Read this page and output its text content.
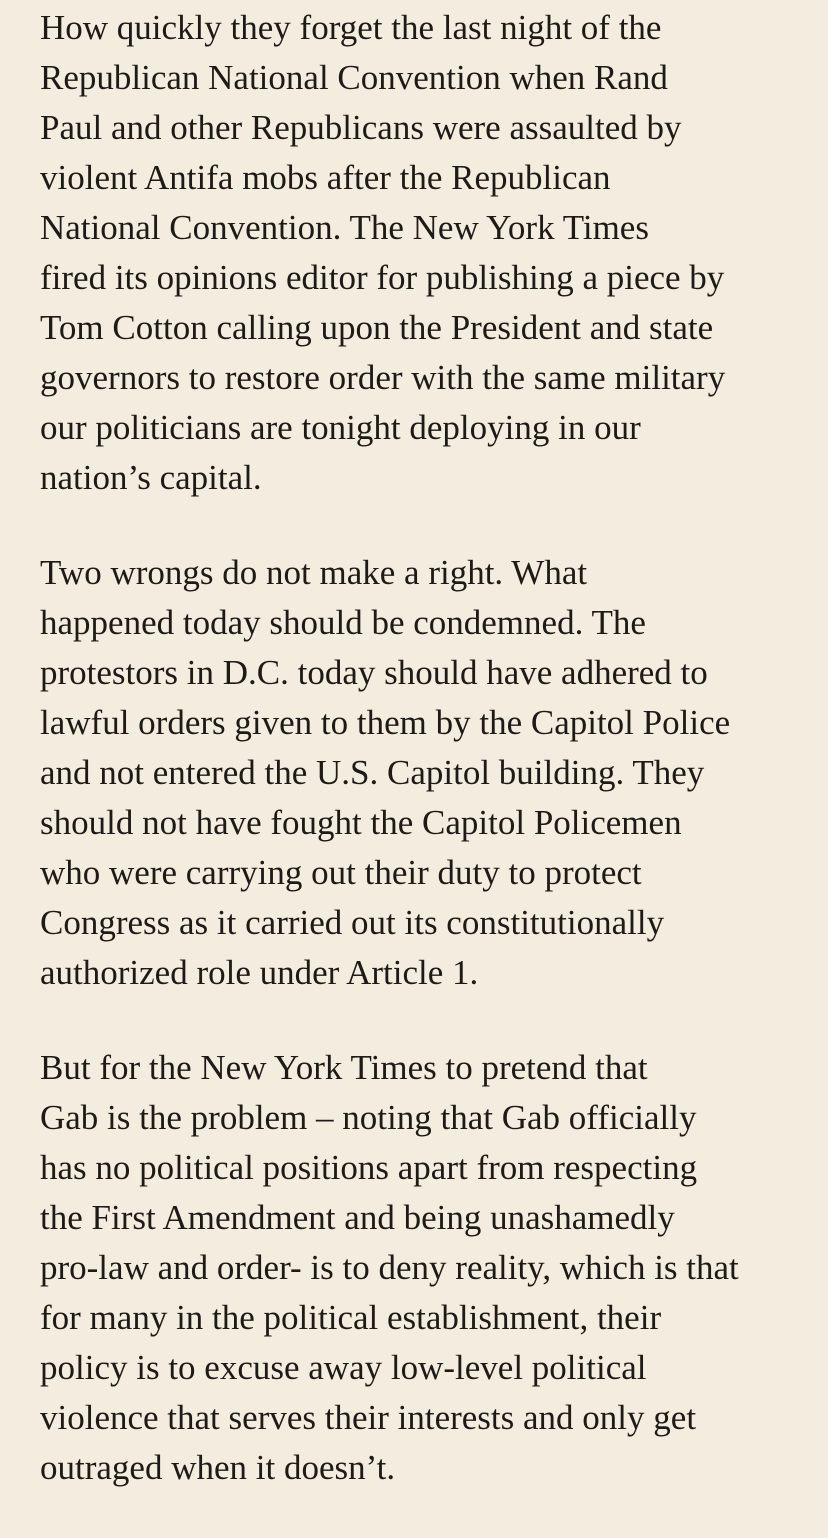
How quickly they forget the last night of the
Republican National Convention when Rand
Paul and other Republicans were assaulted by
violent Antifa mobs after the Republican
National Convention. The New York Times
fired its opinions editor for publishing a piece by
Tom Cotton calling upon the President and state
governors to restore order with the same military
our politicians are tonight deploying in our
nation’s capital.

Two wrongs do not make a right. What
happened today should be condemned. The
protestors in D.C. today should have adhered to
lawful orders given to them by the Capitol Police
and not entered the U.S. Capitol building. They
should not have fought the Capitol Policemen
who were carrying out their duty to protect
Congress as it carried out its constitutionally
authorized role under Article 1.

But for the New York Times to pretend that
Gab is the problem – noting that Gab officially
has no political positions apart from respecting
the First Amendment and being unashamedly
pro-law and order- is to deny reality, which is that
for many in the political establishment, their
policy is to excuse away low-level political
violence that serves their interests and only get
outraged when it doesn’t.
